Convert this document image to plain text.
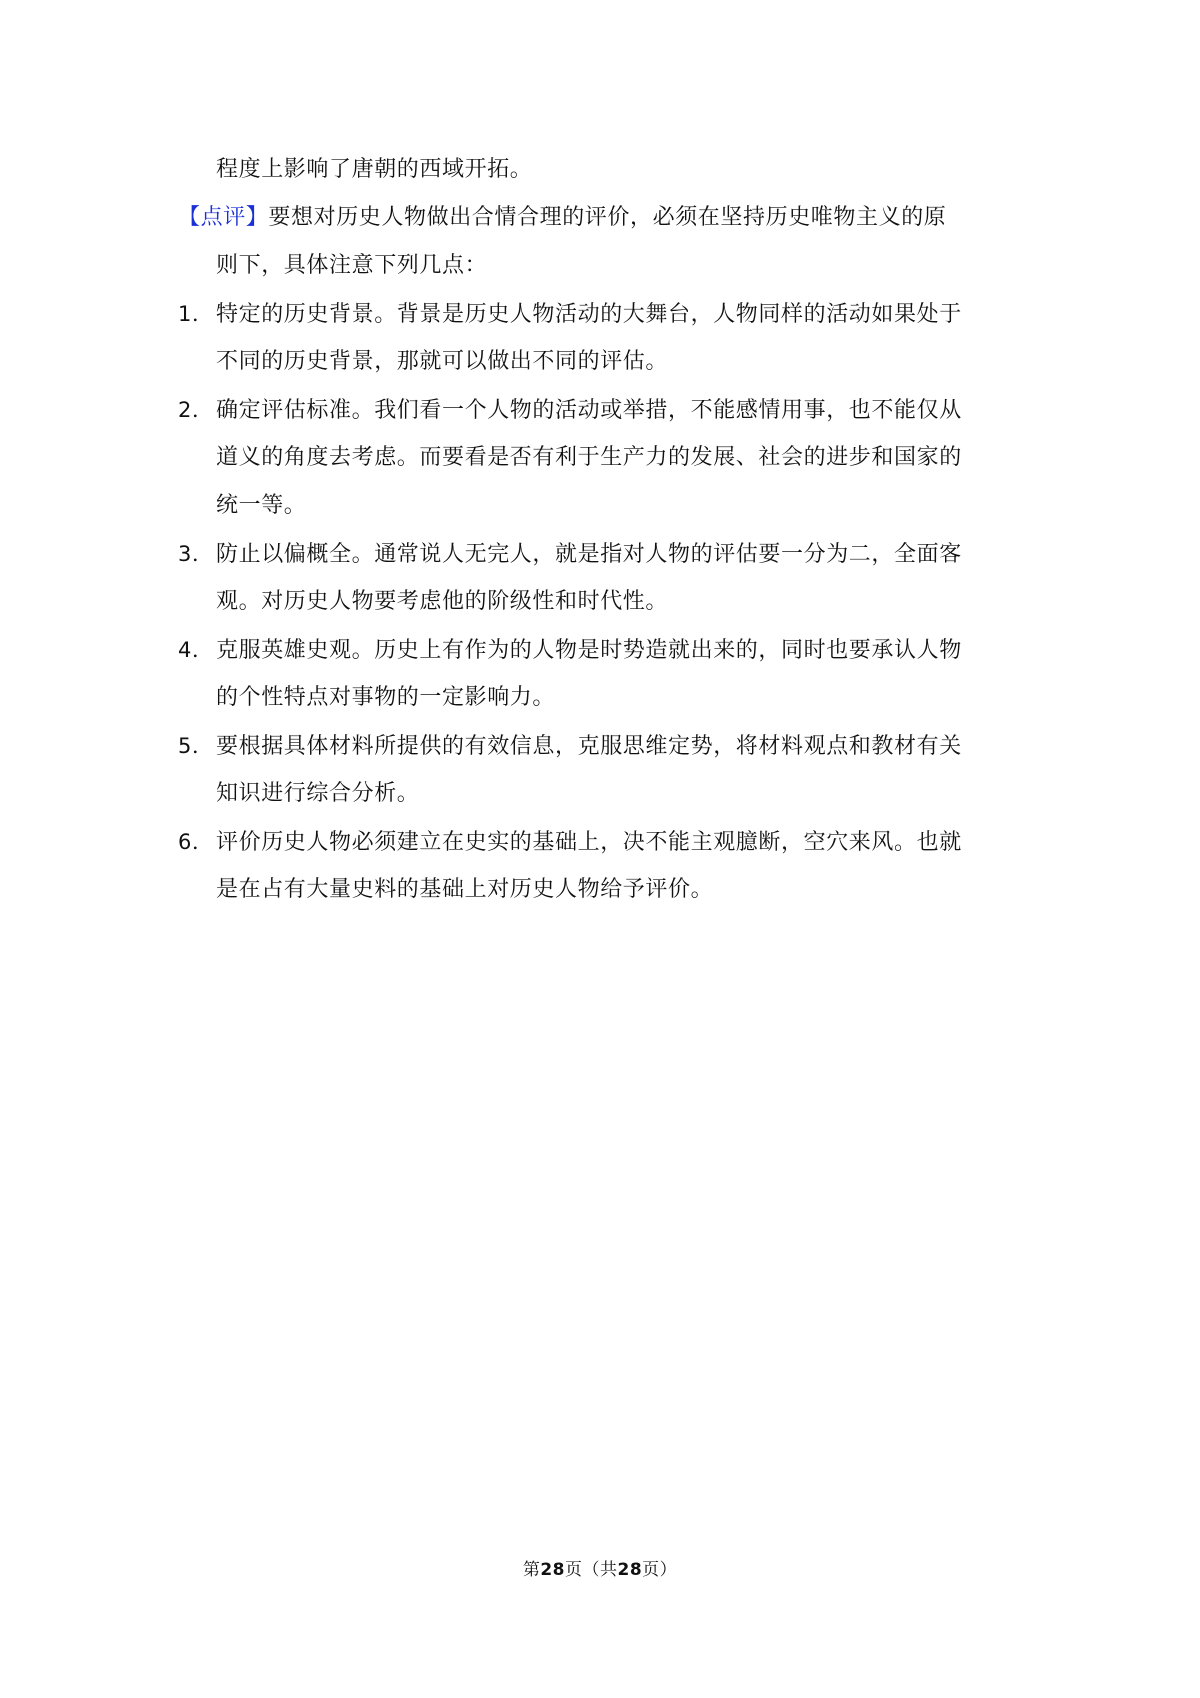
程度上影响了唐朝的西域开拓。
【点评】要想对历史人物做出合情合理的评价，必须在坚持历史唯物主义的原
则下，具体注意下列几点：
1． 特定的历史背景。背景是历史人物活动的大舞台，人物同样的活动如果处于
不同的历史背景，那就可以做出不同的评估。
2． 确定评估标准。我们看一个人物的活动或举措，不能感情用事，也不能仅从
道义的角度去考虑。而要看是否有利于生产力的发展、社会的进步和国家的
统一等。
3． 防止以偏概全。通常说人无完人，就是指对人物的评估要一分为二，全面客
观。对历史人物要考虑他的阶级性和时代性。
4． 克服英雄史观。历史上有作为的人物是时势造就出来的，同时也要承认人物
的个性特点对事物的一定影响力。
5． 要根据具体材料所提供的有效信息，克服思维定势，将材料观点和教材有关
知识进行综合分析。
6． 评价历史人物必须建立在史实的基础上，决不能主观臆断，空穴来风。也就
是在占有大量史料的基础上对历史人物给予评价。
第28页（共28页）
